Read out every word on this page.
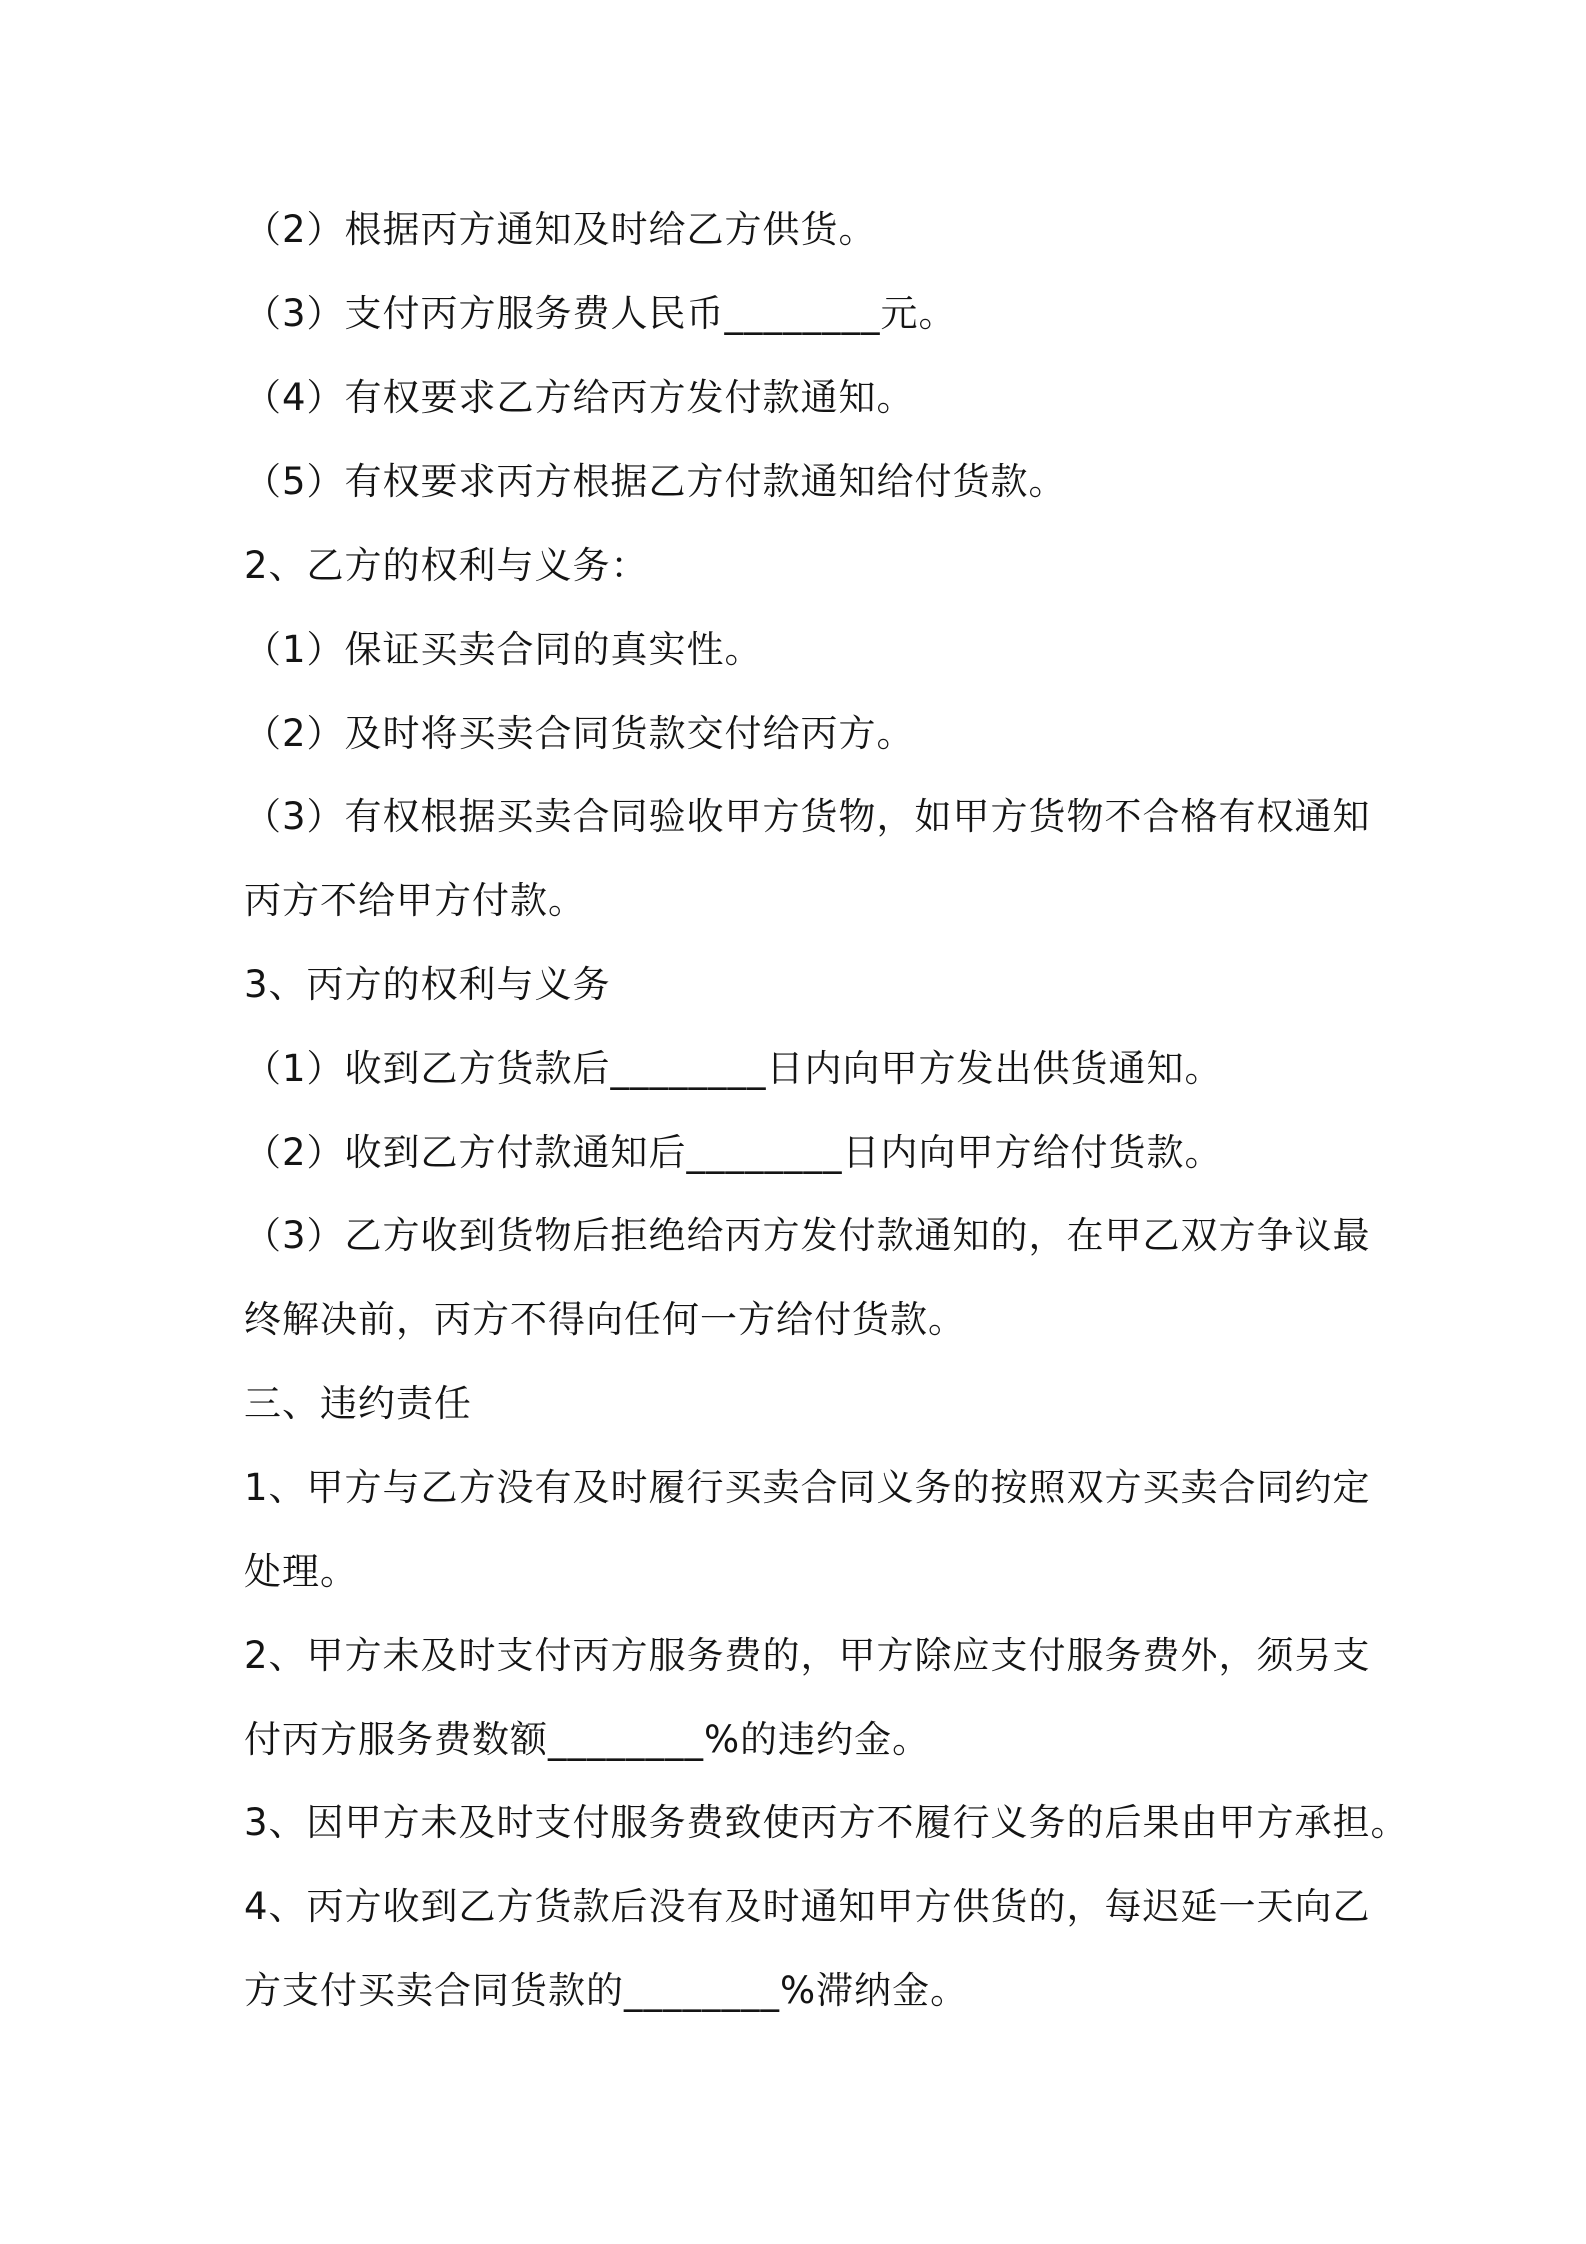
（2）根据丙方通知及时给乙方供货。
（3）支付丙方服务费人民币________元。
（4）有权要求乙方给丙方发付款通知。
（5）有权要求丙方根据乙方付款通知给付货款。
2、乙方的权利与义务：
（1）保证买卖合同的真实性。
（2）及时将买卖合同货款交付给丙方。
（3）有权根据买卖合同验收甲方货物，如甲方货物不合格有权通知
丙方不给甲方付款。
3、丙方的权利与义务
（1）收到乙方货款后________日内向甲方发出供货通知。
（2）收到乙方付款通知后________日内向甲方给付货款。
（3）乙方收到货物后拒绝给丙方发付款通知的，在甲乙双方争议最
终解决前，丙方不得向任何一方给付货款。
三、违约责任
1、甲方与乙方没有及时履行买卖合同义务的按照双方买卖合同约定
处理。
2、甲方未及时支付丙方服务费的，甲方除应支付服务费外，须另支
付丙方服务费数额________%的违约金。
3、因甲方未及时支付服务费致使丙方不履行义务的后果由甲方承担。
4、丙方收到乙方货款后没有及时通知甲方供货的，每迟延一天向乙
方支付买卖合同货款的________%滞纳金。
